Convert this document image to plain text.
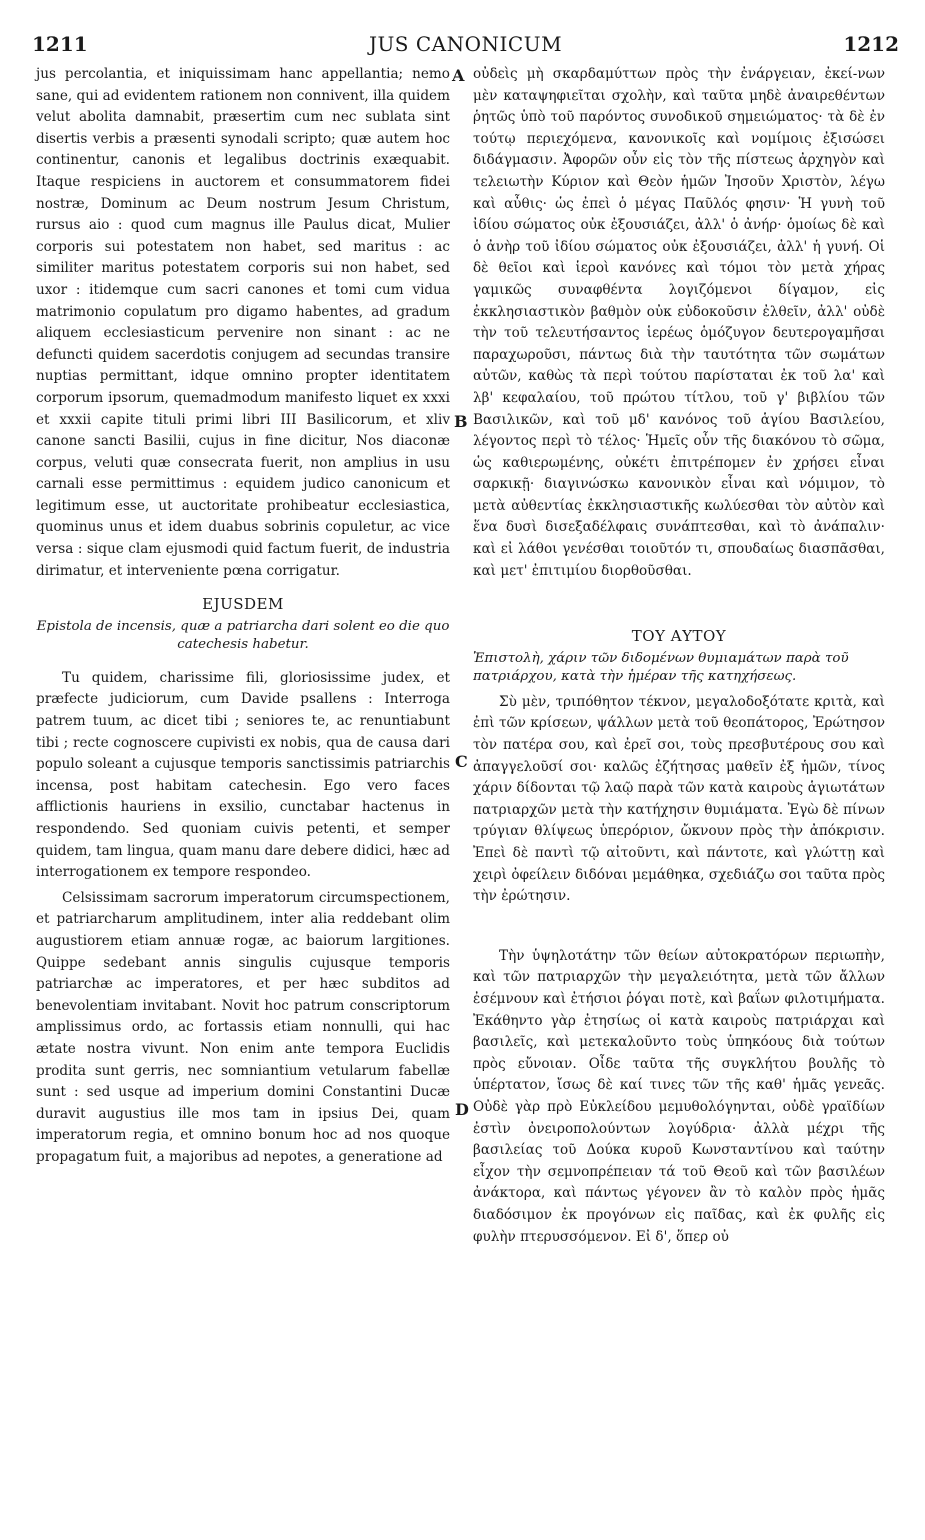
1211	JUS CANONICUM	1212
A
B
C
D

jus percolantia, et iniquissimam hanc appellantia; nemo sane, qui ad evidentem rationem non connivent, illa quidem velut abolita damnabit, præsertim cum nec sublata sint disertis verbis a præsenti synodali scripto; quæ autem hoc continentur, canonis et legalibus doctrinis exæquabit. Itaque respiciens in auctorem et consummatorem fidei nostræ, Dominum ac Deum nostrum Jesum Christum, rursus aio : quod cum magnus ille Paulus dicat, Mulier corporis sui potestatem non habet, sed maritus : ac similiter maritus potestatem corporis sui non habet, sed uxor : itidemque cum sacri canones et tomi cum vidua matrimonio copulatum pro digamo habentes, ad gradum aliquem ecclesiasticum pervenire non sinant : ac ne defuncti quidem sacerdotis conjugem ad secundas transire nuptias permittant, idque omnino propter identitatem corporum ipsorum, quemadmodum manifesto liquet ex xxxi et xxxii capite tituli primi libri III Basilicorum, et xliv canone sancti Basilii, cujus in fine dicitur, Nos diaconæ corpus, veluti quæ consecrata fuerit, non amplius in usu carnali esse permittimus : equidem judico canonicum et legitimum esse, ut auctoritate prohibeatur ecclesiastica, quominus unus et idem duabus sobrinis copuletur, ac vice versa : sique clam ejusmodi quid factum fuerit, de industria dirimatur, et interveniente pœna corrigatur.

EJUSDEM
Epistola de incensis, quæ a patriarcha dari solent eo die quo catechesis habetur.

Tu quidem, charissime fili, gloriosissime judex, et præfecte judiciorum, cum Davide psallens : Interroga patrem tuum, ac dicet tibi ; seniores te, ac renuntiabunt tibi ; recte cognoscere cupivisti ex nobis, qua de causa dari populo soleant a cujusque temporis sanctissimis patriarchis incensa, post habitam catechesin. Ego vero faces afflictionis hauriens in exsilio, cunctabar hactenus in respondendo. Sed quoniam cuivis petenti, et semper quidem, tam lingua, quam manu dare debere didici, hæc ad interrogationem ex tempore respondeo.

Celsissimam sacrorum imperatorum circumspectionem, et patriarcharum amplitudinem, inter alia reddebant olim augustiorem etiam annuæ rogæ, ac baiorum largitiones. Quippe sedebant annis singulis cujusque temporis patriarchæ ac imperatores, et per hæc subditos ad benevolentiam invitabant. Novit hoc patrum conscriptorum amplissimus ordo, ac fortassis etiam nonnulli, qui hac ætate nostra vivunt. Non enim ante tempora Euclidis prodita sunt gerris, nec somniantium vetularum fabellæ sunt : sed usque ad imperium domini Constantini Ducæ duravit augustius ille mos tam in ipsius Dei, quam imperatorum regia, et omnino bonum hoc ad nos quoque propagatum fuit, a majoribus ad nepotes, a generatione ad

οὐδεὶς μὴ σκαρδαμύττων πρὸς τὴν ἐνάργειαν, ἐκεί-νων μὲν καταψηφιεῖται σχολὴν, καὶ ταῦτα μηδὲ ἀναιρεθέντων ῥητῶς ὑπὸ τοῦ παρόντος συνοδικοῦ σημειώματος· τὰ δὲ ἐν τούτῳ περιεχόμενα, κανονικοῖς καὶ νομίμοις ἐξισώσει διδάγμασιν. Ἀφορῶν οὖν εἰς τὸν τῆς πίστεως ἀρχηγὸν καὶ τελειωτὴν Κύριον καὶ Θεὸν ἡμῶν Ἰησοῦν Χριστὸν, λέγω καὶ αὖθις· ὡς ἐπεὶ ὁ μέγας Παῦλός φησιν· Ἡ γυνὴ τοῦ ἰδίου σώματος οὐκ ἐξουσιάζει, ἀλλ' ὁ ἀνήρ· ὁμοίως δὲ καὶ ὁ ἀνὴρ τοῦ ἰδίου σώματος οὐκ ἐξουσιάζει, ἀλλ' ἡ γυνή. Οἱ δὲ θεῖοι καὶ ἱεροὶ κανόνες καὶ τόμοι τὸν μετὰ χήρας γαμικῶς συναφθέντα λογιζόμενοι δίγαμον, εἰς ἐκκλησιαστικὸν βαθμὸν οὐκ εὐδοκοῦσιν ἐλθεῖν, ἀλλ' οὐδὲ τὴν τοῦ τελευτήσαντος ἱερέως ὁμόζυγον δευτερογαμῆσαι παραχωροῦσι, πάντως διὰ τὴν ταυτότητα τῶν σωμάτων αὐτῶν, καθὼς τὰ περὶ τούτου παρίσταται ἐκ τοῦ λα' καὶ λβ' κεφαλαίου, τοῦ πρώτου τίτλου, τοῦ γ' βιβλίου τῶν Βασιλικῶν, καὶ τοῦ μδ' κανόνος τοῦ ἁγίου Βασιλείου, λέγοντος περὶ τὸ τέλος· Ἡμεῖς οὖν τῆς διακόνου τὸ σῶμα, ὡς καθιερωμένης, οὐκέτι ἐπιτρέπομεν ἐν χρήσει εἶναι σαρκικῇ· διαγινώσκω κανονικὸν εἶναι καὶ νόμιμον, τὸ μετὰ αὐθεντίας ἐκκλησιαστικῆς κωλύεσθαι τὸν αὐτὸν καὶ ἕνα δυσὶ δισεξαδέλφαις συνάπτεσθαι, καὶ τὸ ἀνάπαλιν· καὶ εἰ λάθοι γενέσθαι τοιοῦτόν τι, σπουδαίως διασπᾶσθαι, καὶ μετ' ἐπιτιμίου διορθοῦσθαι.

ΤΟΥ ΑΥΤΟΥ
Ἐπιστολὴ, χάριν τῶν διδομένων θυμιαμάτων παρὰ τοῦ πατριάρχου, κατὰ τὴν ἡμέραν τῆς κατηχήσεως.

Σὺ μὲν, τριπόθητον τέκνον, μεγαλοδοξότατε κριτὰ, καὶ ἐπὶ τῶν κρίσεων, ψάλλων μετὰ τοῦ θεοπάτορος, Ἐρώτησον τὸν πατέρα σου, καὶ ἐρεῖ σοι, τοὺς πρεσβυτέρους σου καὶ ἀπαγγελοῦσί σοι· καλῶς ἐζήτησας μαθεῖν ἐξ ἡμῶν, τίνος χάριν δίδονται τῷ λαῷ παρὰ τῶν κατὰ καιροὺς ἁγιωτάτων πατριαρχῶν μετὰ τὴν κατήχησιν θυμιάματα. Ἐγὼ δὲ πίνων τρύγιαν θλίψεως ὑπερόριον, ὤκνουν πρὸς τὴν ἀπόκρισιν. Ἐπεὶ δὲ παντὶ τῷ αἰτοῦντι, καὶ πάντοτε, καὶ γλώττῃ καὶ χειρὶ ὀφείλειν διδόναι μεμάθηκα, σχεδιάζω σοι ταῦτα πρὸς τὴν ἐρώτησιν.

Τὴν ὑψηλοτάτην τῶν θείων αὐτοκρατόρων περιωπὴν, καὶ τῶν πατριαρχῶν τὴν μεγαλειότητα, μετὰ τῶν ἄλλων ἐσέμνουν καὶ ἐτήσιοι ῥόγαι ποτὲ, καὶ βαΐων φιλοτιμήματα. Ἐκάθηντο γὰρ ἐτησίως οἱ κατὰ καιροὺς πατριάρχαι καὶ βασιλεῖς, καὶ μετεκαλοῦντο τοὺς ὑπηκόους διὰ τούτων πρὸς εὔνοιαν. Οἶδε ταῦτα τῆς συγκλήτου βουλῆς τὸ ὑπέρτατον, ἴσως δὲ καί τινες τῶν τῆς καθ' ἡμᾶς γενεᾶς. Οὐδὲ γὰρ πρὸ Εὐκλείδου μεμυθολόγηνται, οὐδὲ γραϊδίων ἐστὶν ὀνειροπολούντων λογύδρια· ἀλλὰ μέχρι τῆς βασιλείας τοῦ Δούκα κυροῦ Κωνσταντίνου καὶ ταύτην εἶχον τὴν σεμνοπρέπειαν τά τοῦ Θεοῦ καὶ τῶν βασιλέων ἀνάκτορα, καὶ πάντως γέγονεν ἂν τὸ καλὸν πρὸς ἡμᾶς διαδόσιμον ἐκ προγόνων εἰς παῖδας, καὶ ἐκ φυλῆς εἰς φυλὴν πτερυσσόμενον. Εἰ δ', ὅπερ οὐ
